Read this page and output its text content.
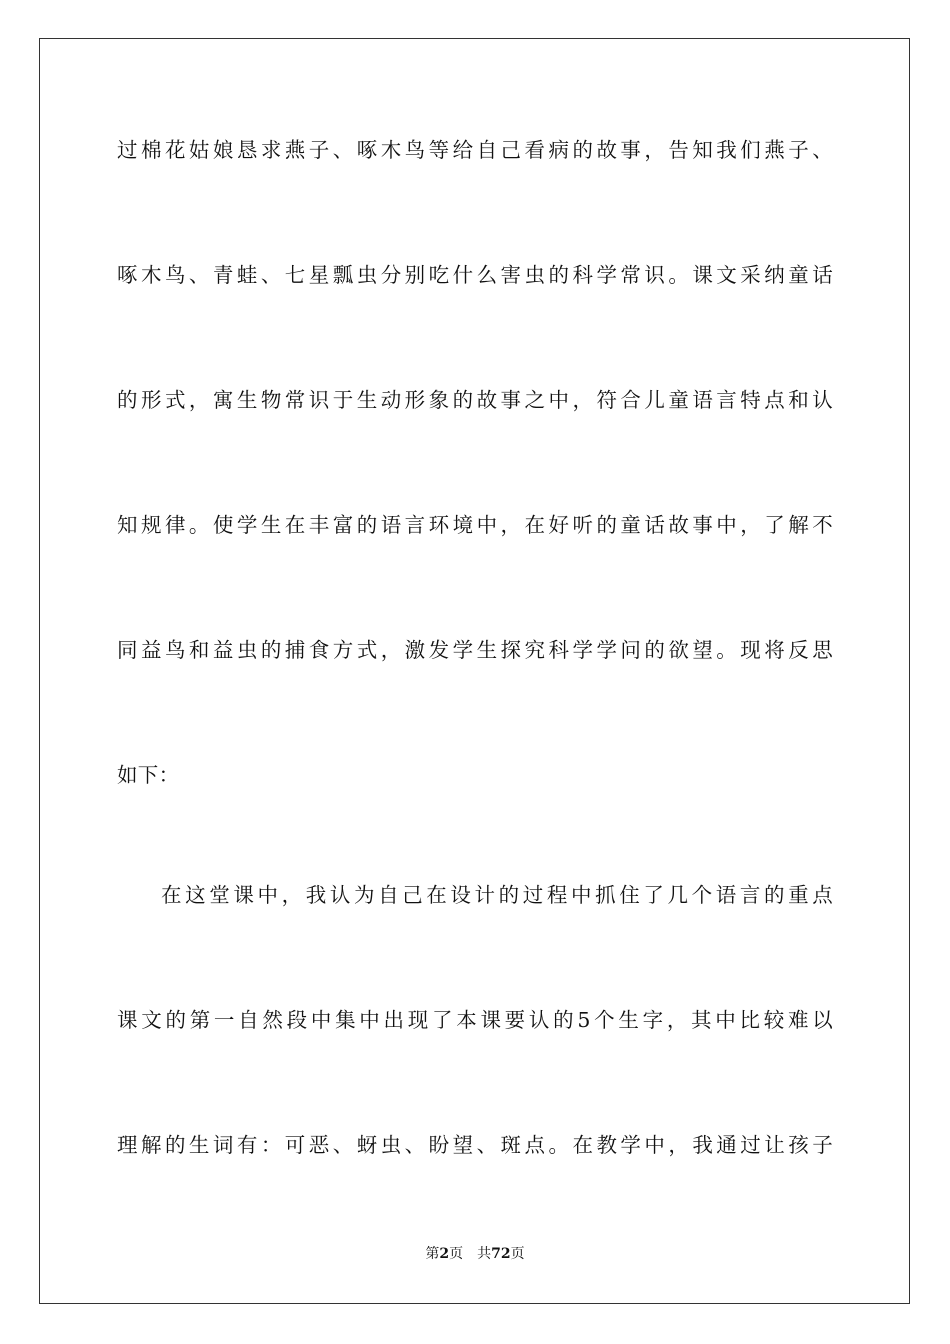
过棉花姑娘恳求燕子、啄木鸟等给自己看病的故事，告知我们燕子、
啄木鸟、青蛙、七星瓢虫分别吃什么害虫的科学常识。课文采纳童话
的形式，寓生物常识于生动形象的故事之中，符合儿童语言特点和认
知规律。使学生在丰富的语言环境中，在好听的童话故事中，了解不
同益鸟和益虫的捕食方式，激发学生探究科学学问的欲望。现将反思
如下：
在这堂课中，我认为自己在设计的过程中抓住了几个语言的重点
课文的第一自然段中集中出现了本课要认的5个生字，其中比较难以
理解的生词有：可恶、蚜虫、盼望、斑点。在教学中，我通过让孩子
第2页　共72页
